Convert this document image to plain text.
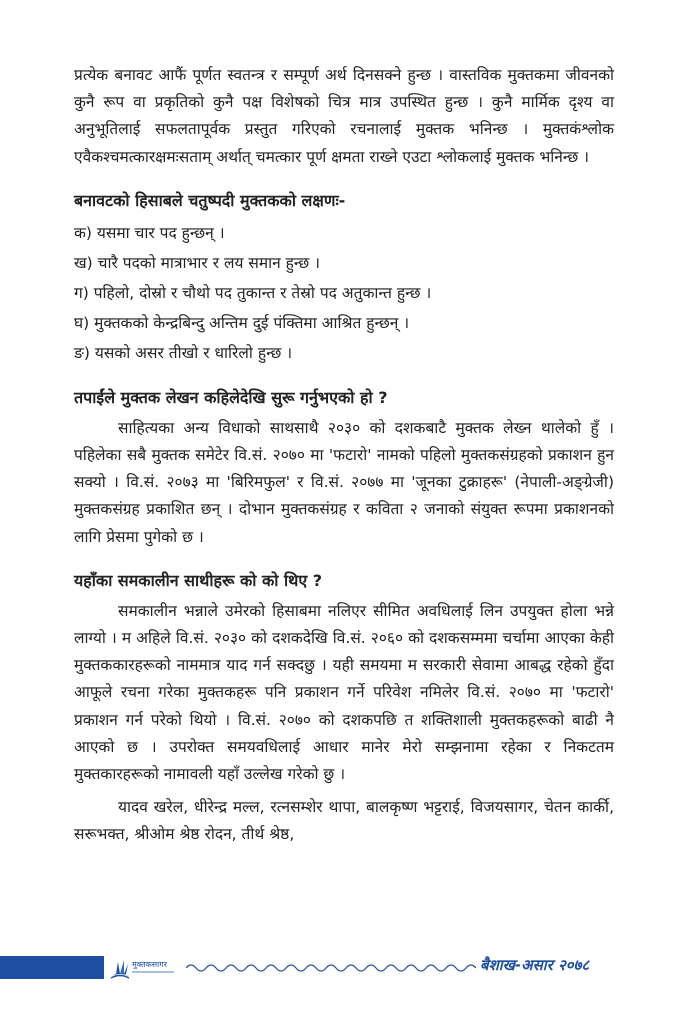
प्रत्येक बनावट आफैं पूर्णत स्वतन्त्र र सम्पूर्ण अर्थ दिनसक्ने हुन्छ । वास्तविक मुक्तकमा जीवनको कुनै रूप वा प्रकृतिको कुनै पक्ष विशेषको चित्र मात्र उपस्थित हुन्छ । कुनै मार्मिक दृश्य वा अनुभूतिलाई सफलतापूर्वक प्रस्तुत गरिएको रचनालाई मुक्तक भनिन्छ । मुक्तकंश्लोक एवैकश्चमत्कारक्षमःसताम् अर्थात् चमत्कार पूर्ण क्षमता राख्ने एउटा श्लोकलाई मुक्तक भनिन्छ ।

बनावटको हिसाबले चतुष्पदी मुक्तकको लक्षणः-
क) यसमा चार पद हुन्छन् ।
ख) चारै पदको मात्राभार र लय समान हुन्छ ।
ग) पहिलो, दोस्रो र चौथो पद तुकान्त र तेस्रो पद अतुकान्त हुन्छ ।
घ) मुक्तकको केन्द्रबिन्दु अन्तिम दुई पंक्तिमा आश्रित हुन्छन् ।
ङ) यसको असर तीखो र धारिलो हुन्छ ।
तपाईंले मुक्तक लेखन कहिलेदेखि सुरू गर्नुभएको हो ?

साहित्यका अन्य विधाको साथसाथै २०३० को दशकबाटै मुक्तक लेख्न थालेको हुँ । पहिलेका सबै मुक्तक समेटेर वि.सं. २०७० मा 'फटारो' नामको पहिलो मुक्तकसंग्रहको प्रकाशन हुन सक्यो । वि.सं. २०७३ मा 'बिरिमफुल' र वि.सं. २०७७ मा 'जूनका टुक्राहरू' (नेपाली-अङ्ग्रेजी) मुक्तकसंग्रह प्रकाशित छन् । दोभान मुक्तकसंग्रह र कविता २ जनाको संयुक्त रूपमा प्रकाशनको लागि प्रेसमा पुगेको छ ।

यहाँका समकालीन साथीहरू को को थिए ?

समकालीन भन्नाले उमेरको हिसाबमा नलिएर सीमित अवधिलाई लिन उपयुक्त होला भन्ने लाग्यो । म अहिले वि.सं. २०३० को दशकदेखि वि.सं. २०६० को दशकसम्ममा चर्चामा आएका केही मुक्तककारहरूको नाममात्र याद गर्न सक्दछु । यही समयमा म सरकारी सेवामा आबद्ध रहेको हुँदा आफूले रचना गरेका मुक्तकहरू पनि प्रकाशन गर्ने परिवेश नमिलेर वि.सं. २०७० मा 'फटारो' प्रकाशन गर्न परेको थियो । वि.सं. २०७० को दशकपछि त शक्तिशाली मुक्तकहरूको बाढी नै आएको छ । उपरोक्त समयवधिलाई आधार मानेर मेरो सम्झनामा रहेका र निकटतम मुक्तकारहरूको नामावली यहाँ उल्लेख गरेको छु ।

यादव खरेल, धीरेन्द्र मल्ल, रत्नसम्शेर थापा, बालकृष्ण भट्टराई, विजयसागर, चेतन कार्की, सरूभक्त, श्रीओम श्रेष्ठ रोदन, तीर्थ श्रेष्ठ,

मुक्तकसागर	बैशाख-असार २०७८
